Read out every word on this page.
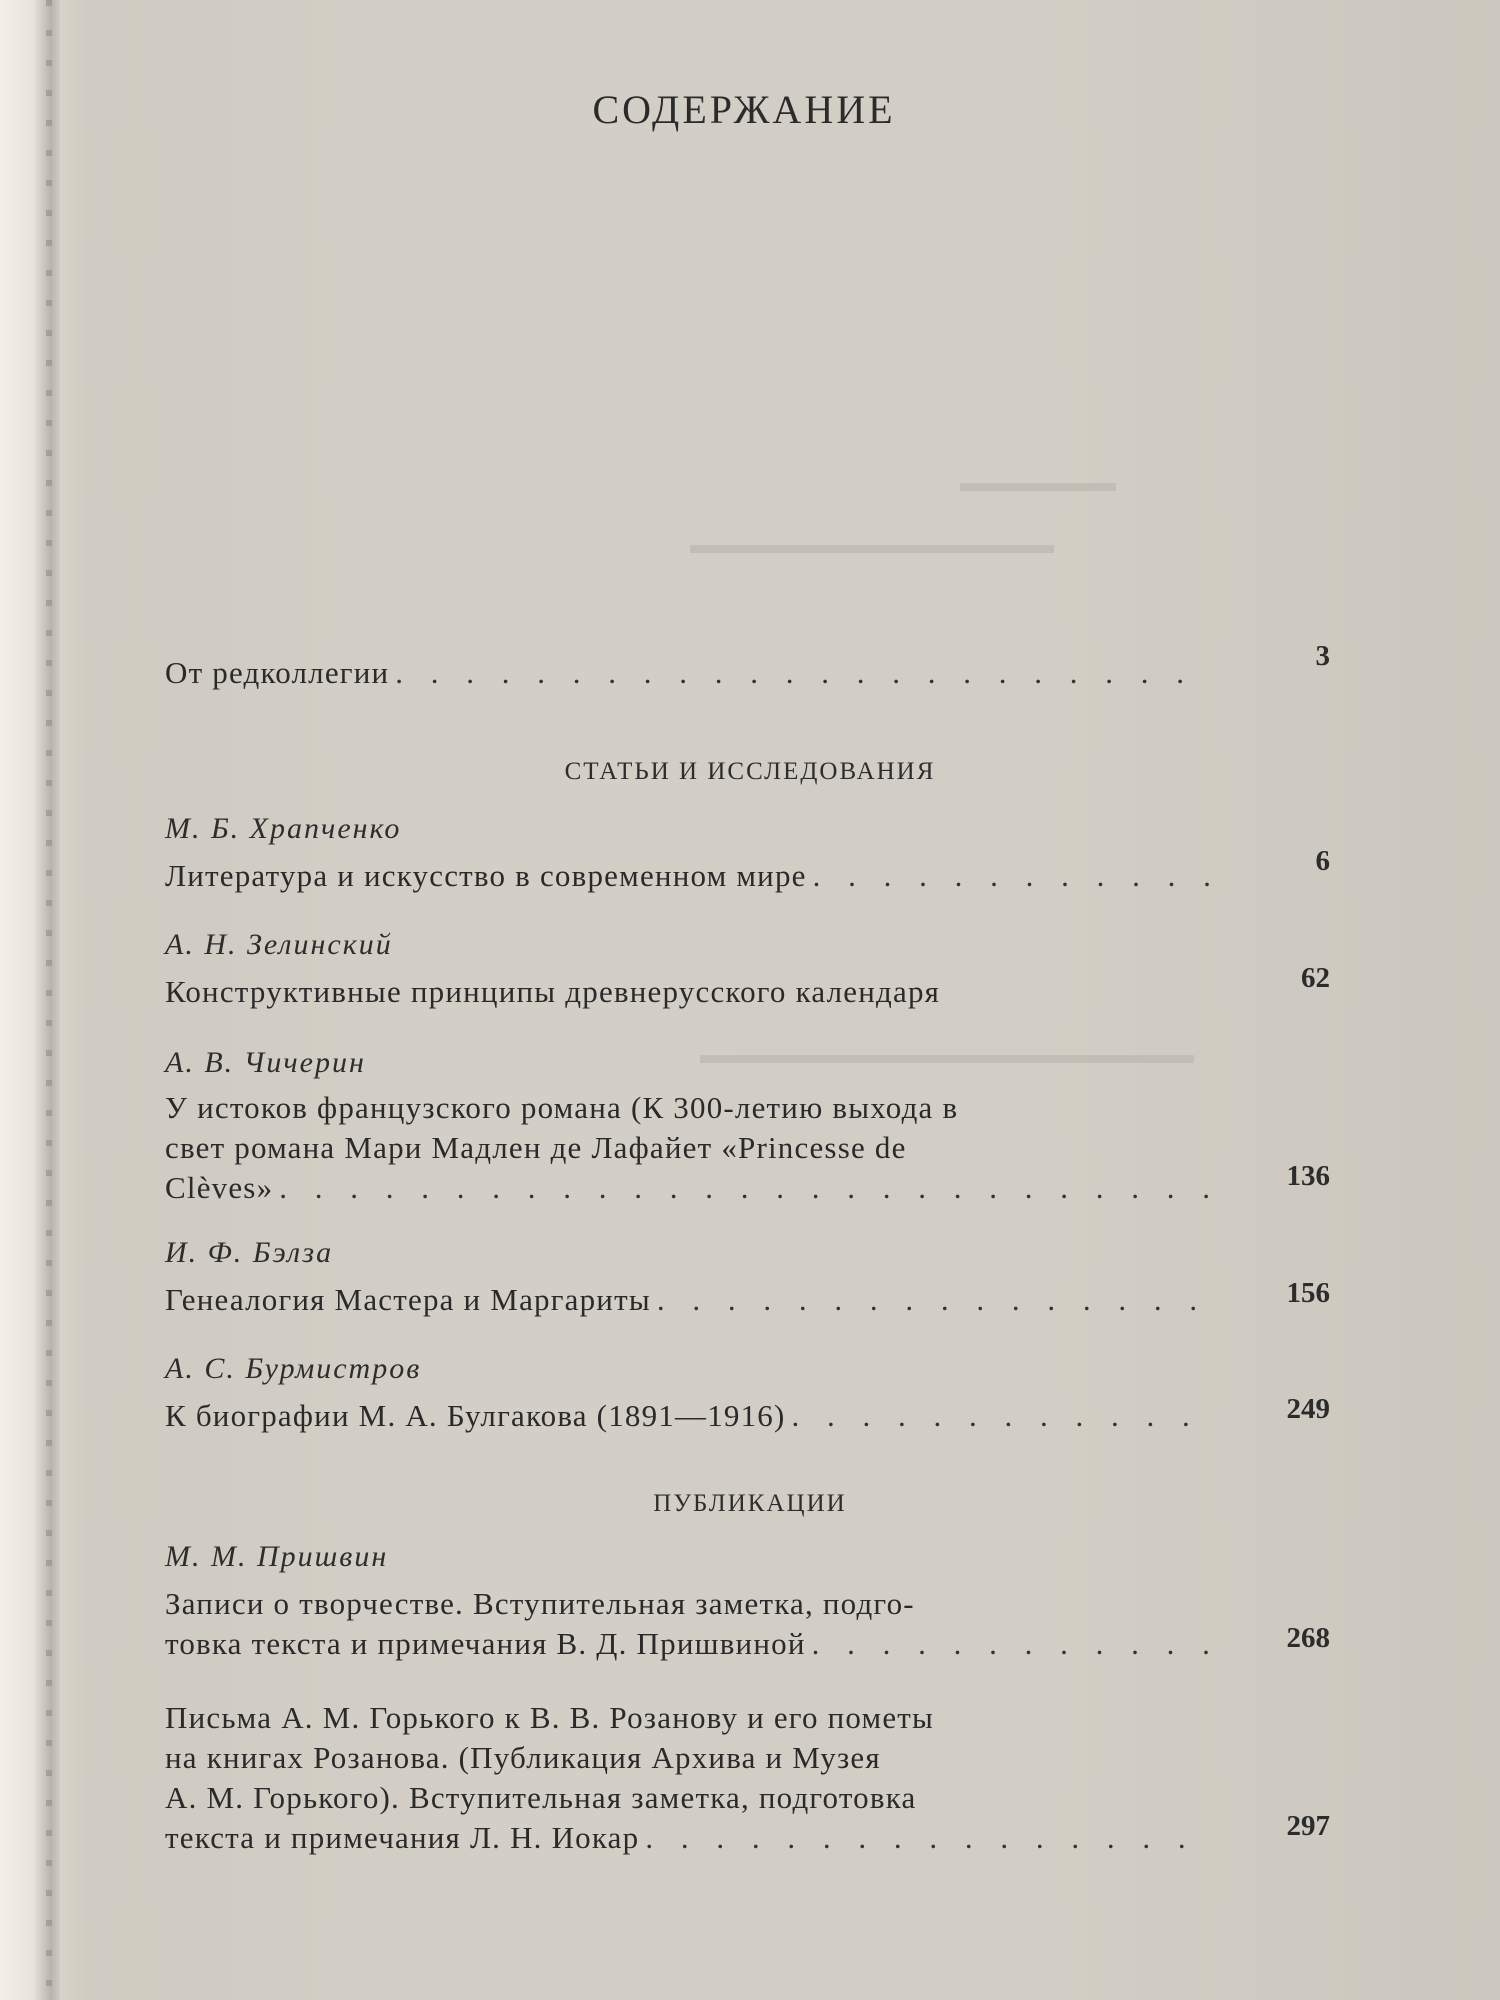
▬▬▬▬▬▬
▬▬▬▬▬▬▬▬▬▬▬▬▬▬
▬▬▬▬▬▬▬▬▬▬▬▬▬▬▬▬▬▬▬
СОДЕРЖАНИЕ
От редколлегии . . .	3
СТАТЬИ И ИССЛЕДОВАНИЯ
М. Б. Храпченко
Литература и искусство в современном мире . . .	6
А. Н. Зелинский
Конструктивные принципы древнерусского календаря	62
А. В. Чичерин
У истоков французского романа (К 300-летию выхода в
свет романа Мари Мадлен де Лафайет «Princesse de
Clèves» . . .	136
И. Ф. Бэлза
Генеалогия Мастера и Маргариты . . .	156
А. С. Бурмистров
К биографии М. А. Булгакова (1891—1916) . . .	249
ПУБЛИКАЦИИ
М. М. Пришвин
Записи о творчестве. Вступительная заметка, подго-
товка текста и примечания В. Д. Пришвиной . . .	268
Письма А. М. Горького к В. В. Розанову и его пометы
на книгах Розанова. (Публикация Архива и Музея
А. М. Горького). Вступительная заметка, подготовка
текста и примечания Л. Н. Иокар . . .	297
